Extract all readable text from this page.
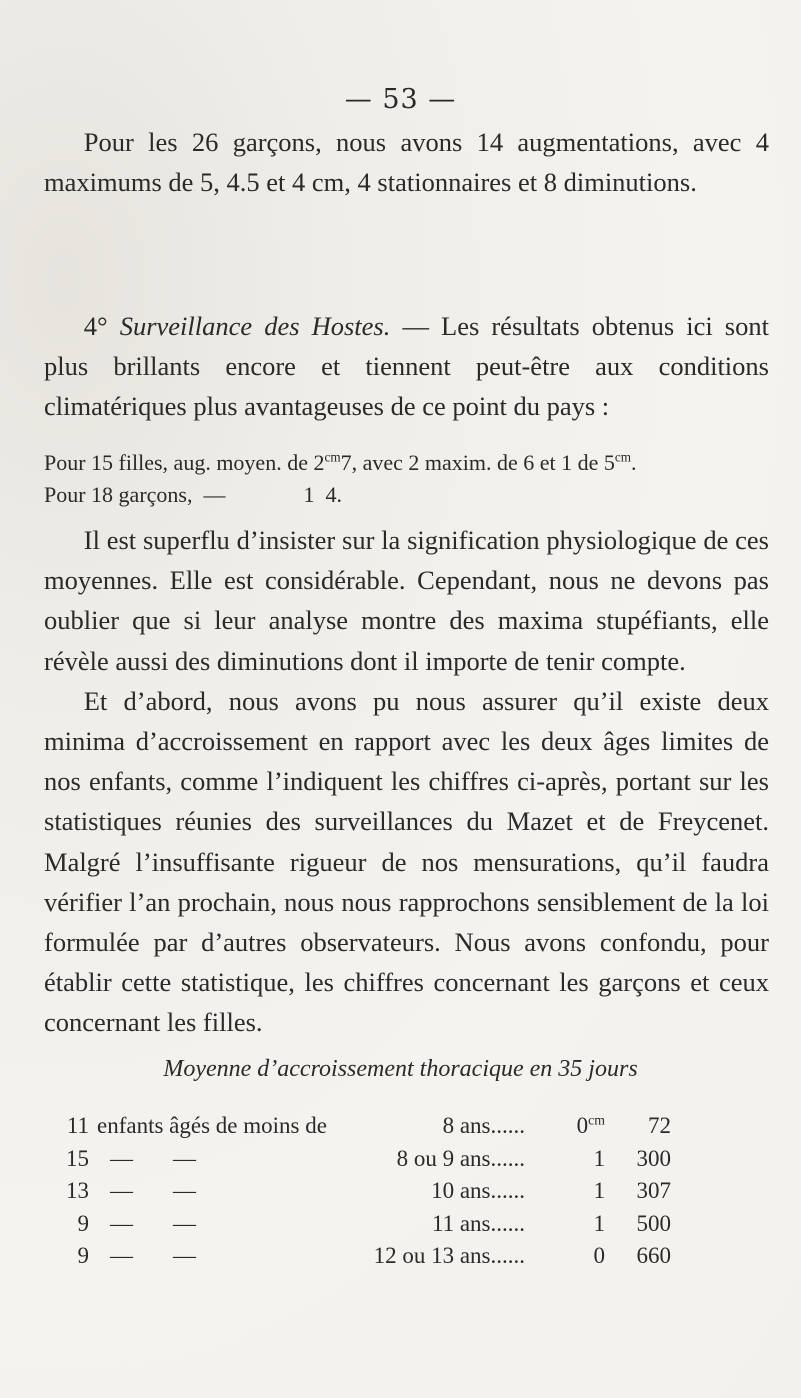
— 53 —
Pour les 26 garçons, nous avons 14 augmentations, avec 4 maximums de 5, 4.5 et 4 cm, 4 stationnaires et 8 diminutions.
4° Surveillance des Hostes. — Les résultats obtenus ici sont plus brillants encore et tiennent peut-être aux conditions climatériques plus avantageuses de ce point du pays :
Pour 15 filles, aug. moyen. de $2^{cm}7$, avec 2 maxim. de 6 et 1 de $5^{cm}$.
Pour 18 garçons, —	1 4.
Il est superflu d’insister sur la signification physiologique de ces moyennes. Elle est considérable. Cependant, nous ne devons pas oublier que si leur analyse montre des maxima stupéfiants, elle révèle aussi des diminutions dont il importe de tenir compte.
Et d’abord, nous avons pu nous assurer qu’il existe deux minima d’accroissement en rapport avec les deux âges limites de nos enfants, comme l’indiquent les chiffres ci-après, portant sur les statistiques réunies des surveillances du Mazet et de Freycenet. Malgré l’insuffisante rigueur de nos mensurations, qu’il faudra vérifier l’an prochain, nous nous rapprochons sensiblement de la loi formulée par d’autres observateurs. Nous avons confondu, pour établir cette statistique, les chiffres concernant les garçons et ceux concernant les filles.
Moyenne d’accroissement thoracique en 35 jours
11 enfants âgés de moins de	8 ans......	$0^{cm}$	72
15 — —	8 ou 9 ans......	1	300
13 — —	10 ans......	1	307
9 — —	11 ans......	1	500
9 — —	12 ou 13 ans......	0	660
